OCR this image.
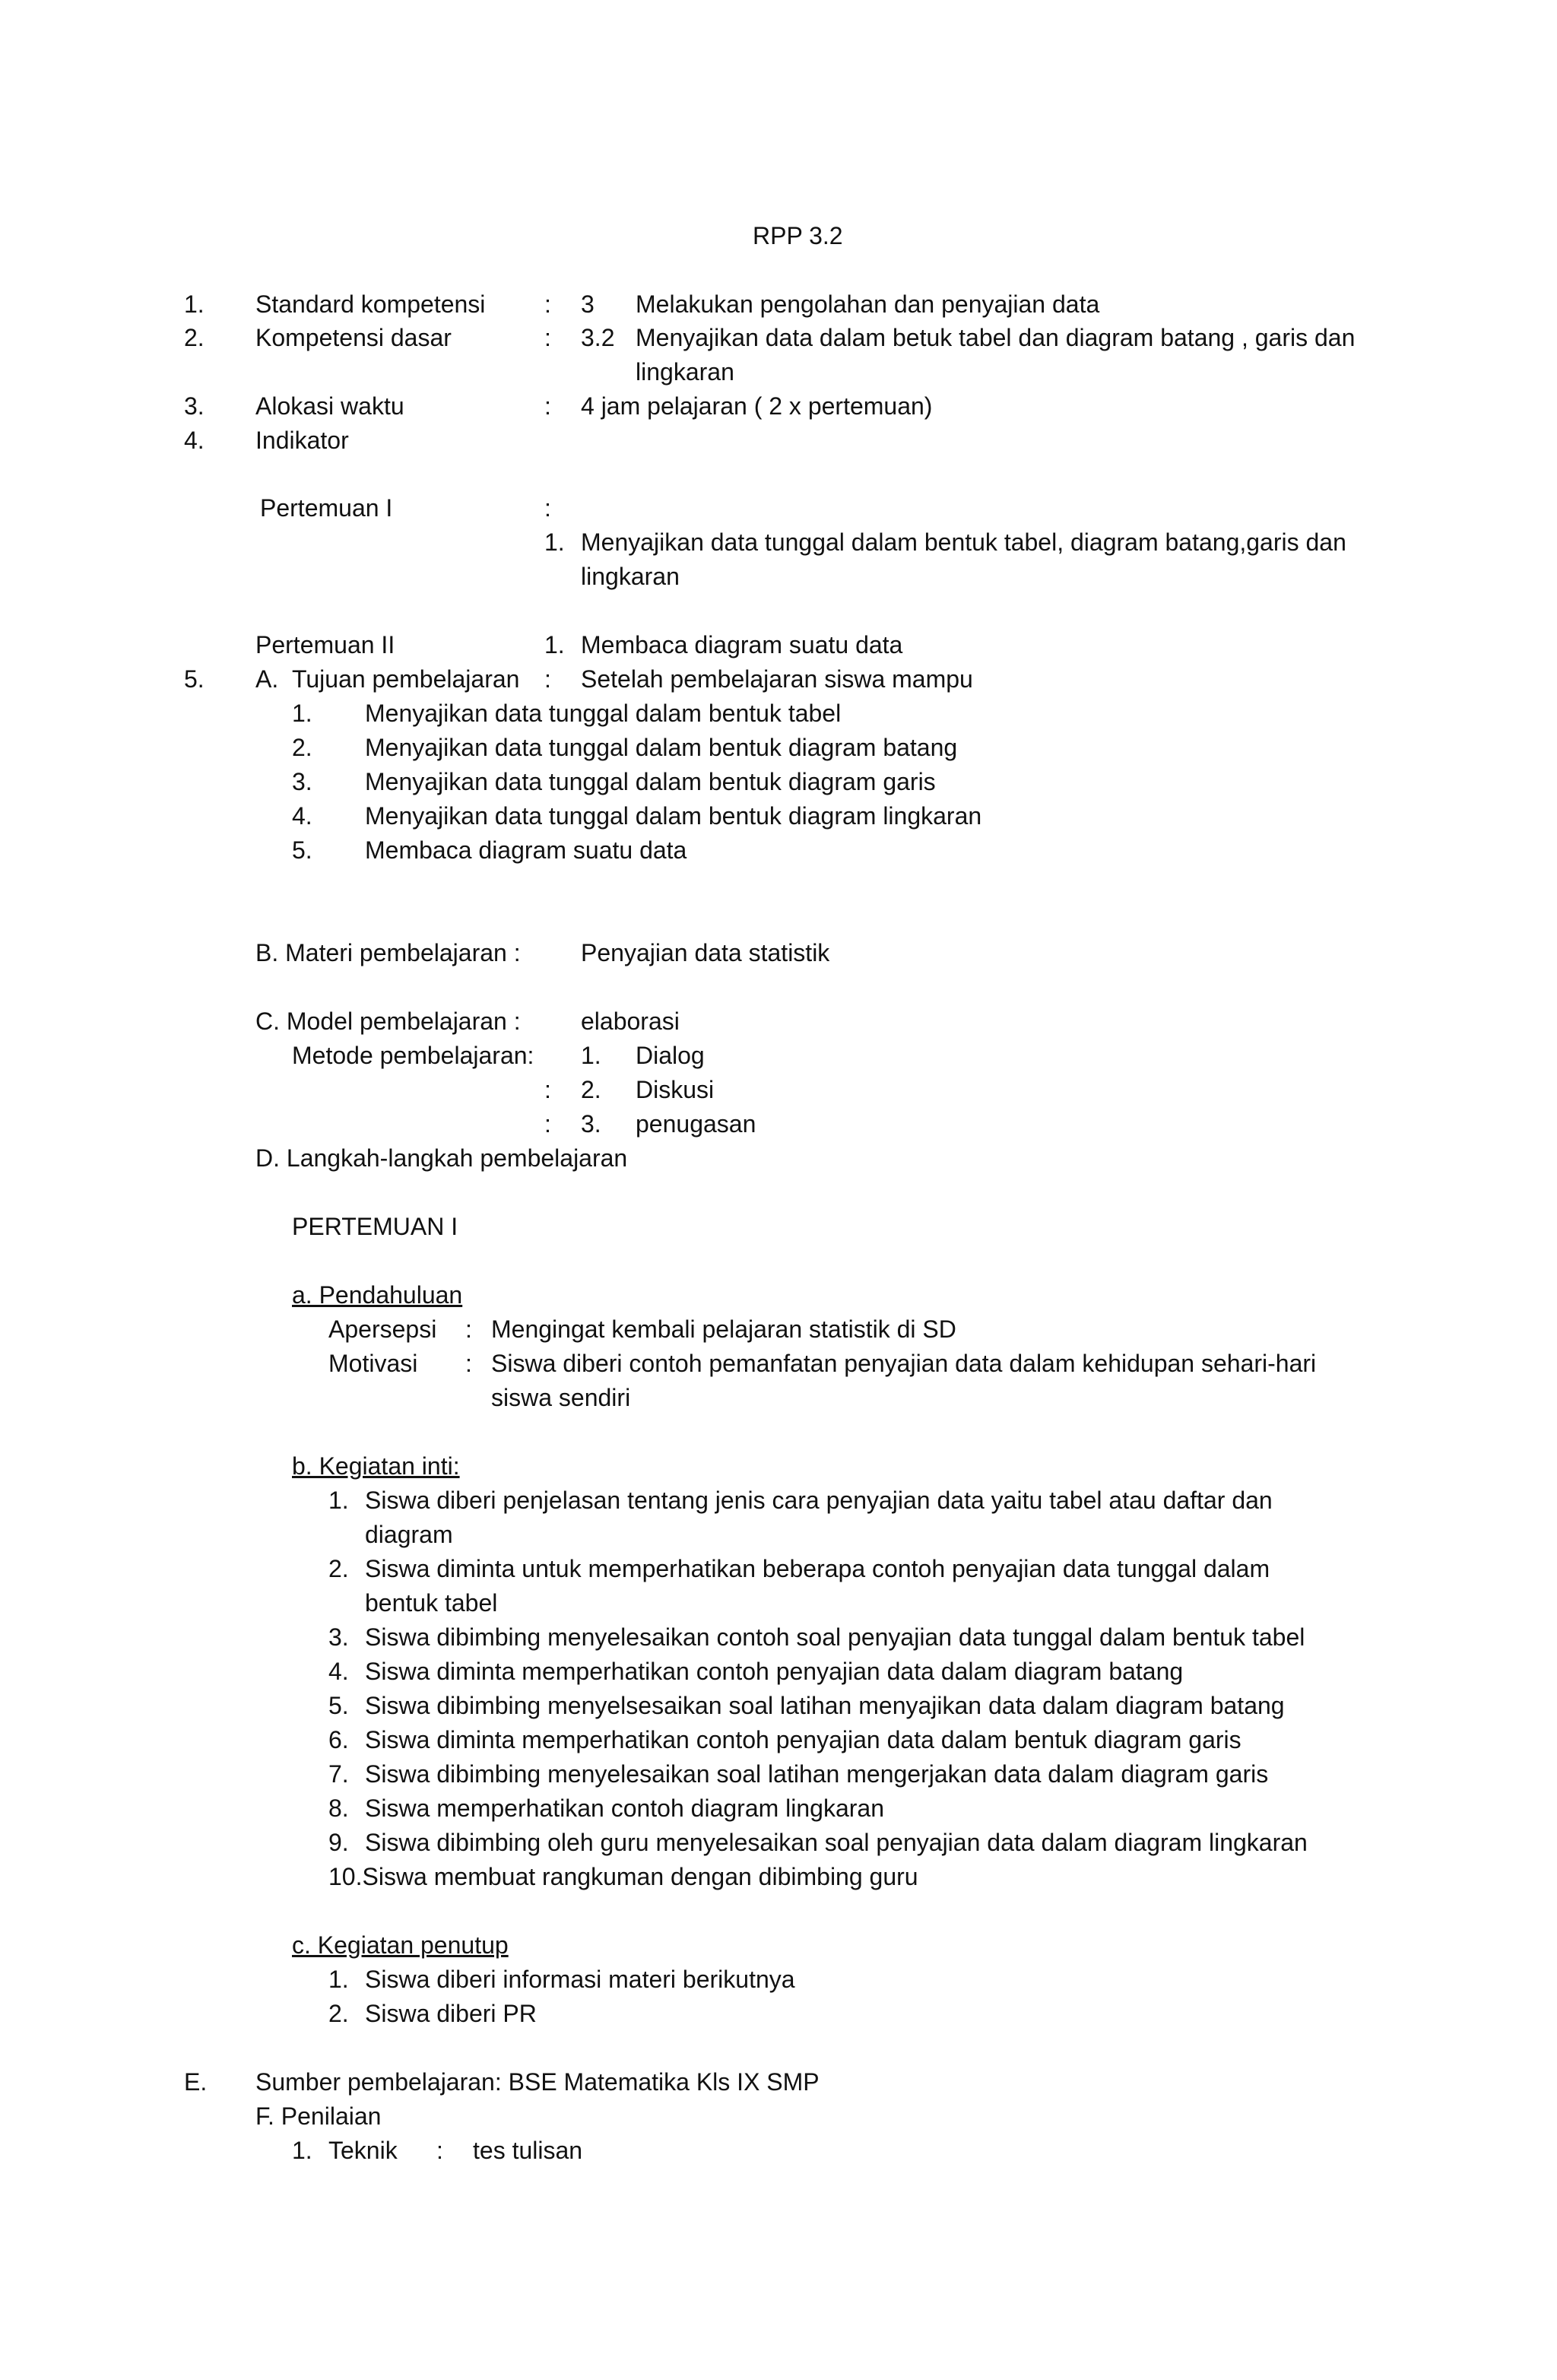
RPP 3.2
1. Standard kompetensi : 3 Melakukan pengolahan dan penyajian data
2. Kompetensi dasar	: 3.2 Menyajikan data dalam betuk tabel dan diagram batang , garis dan
lingkaran
3. Alokasi waktu	: 4 jam pelajaran ( 2 x pertemuan)
4. Indikator
Pertemuan I	:
1. Menyajikan data tunggal dalam bentuk tabel, diagram batang,garis dan
lingkaran
Pertemuan II	1. Membaca diagram suatu data
5. A. Tujuan pembelajaran : Setelah pembelajaran siswa mampu
1. Menyajikan data tunggal dalam bentuk tabel
2. Menyajikan data tunggal dalam bentuk diagram batang
3. Menyajikan data tunggal dalam bentuk diagram garis
4. Menyajikan data tunggal dalam bentuk diagram lingkaran
5. Membaca diagram suatu data
B. Materi pembelajaran : Penyajian data statistik
C. Model pembelajaran : elaborasi
Metode pembelajaran: 1. Dialog
: 2. Diskusi
: 3. penugasan
D. Langkah-langkah pembelajaran
PERTEMUAN I
a. Pendahuluan
Apersepsi : Mengingat kembali pelajaran statistik di SD
Motivasi : Siswa diberi contoh pemanfatan penyajian data dalam kehidupan sehari-hari
siswa sendiri
b. Kegiatan inti:
1. Siswa diberi penjelasan tentang jenis cara penyajian data yaitu tabel atau daftar dan
diagram
2. Siswa diminta untuk memperhatikan beberapa contoh penyajian data tunggal dalam
bentuk tabel
3. Siswa dibimbing menyelesaikan contoh soal penyajian data tunggal dalam bentuk tabel
4. Siswa diminta memperhatikan contoh penyajian data dalam diagram batang
5. Siswa dibimbing menyelsesaikan soal latihan menyajikan data dalam diagram batang
6. Siswa diminta memperhatikan contoh penyajian data dalam bentuk diagram garis
7. Siswa dibimbing menyelesaikan soal latihan mengerjakan data dalam diagram garis
8. Siswa memperhatikan contoh diagram lingkaran
9. Siswa dibimbing oleh guru menyelesaikan soal penyajian data dalam diagram lingkaran
10.Siswa membuat rangkuman dengan dibimbing guru
c. Kegiatan penutup
1. Siswa diberi informasi materi berikutnya
2. Siswa diberi PR
E. Sumber pembelajaran: BSE Matematika Kls IX SMP
F. Penilaian
1. Teknik : tes tulisan
